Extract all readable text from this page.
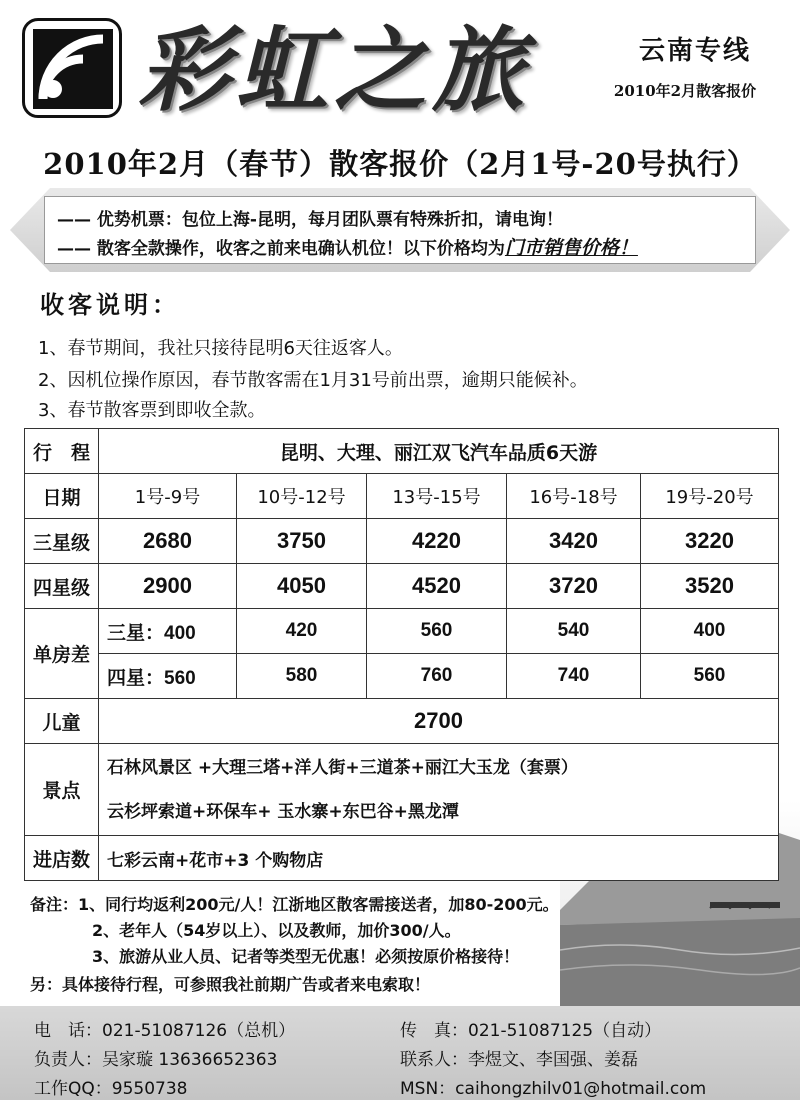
彩虹之旅	云南专线
2010年2月散客报价
2010年2月（春节）散客报价（2月1号-20号执行）
—— 优势机票：包位上海-昆明，每月团队票有特殊折扣，请电询！
—— 散客全款操作，收客之前来电确认机位！以下价格均为门市销售价格！
收客说明：
1、春节期间，我社只接待昆明6天往返客人。
2、因机位操作原因，春节散客需在1月31号前出票，逾期只能候补。
3、春节散客票到即收全款。
行　程	昆明、大理、丽江双飞汽车品质6天游				
日期	1号-9号	10号-12号	13号-15号	16号-18号	19号-20号
三星级	2680	3750	4220	3420	3220
四星级	2900	4050	4520	3720	3520
单房差	三星：400	420	560	540	400
	四星：560	580	760	740	560
儿童	2700				
景点	石林风景区 +大理三塔+洋人街+三道茶+丽江大玉龙（套票）
云杉坪索道+环保车+ 玉水寨+东巴谷+黑龙潭				

进店数	七彩云南+花市+3 个购物店				
备注：1、同行均返利200元/人！江浙地区散客需接送者，加80-200元。
2、老年人（54岁以上）、以及教师，加价300/人。
3、旅游从业人员、记者等类型无优惠！必须按原价格接待！
另：具体接待行程，可参照我社前期广告或者来电索取！
电　话：021-51087126（总机）
负责人：吴家璇 13636652363
工作QQ：9550738
传　真：021-51087125（自动）
联系人：李煜文、李国强、姜磊
MSN：caihongzhilv01@hotmail.com
